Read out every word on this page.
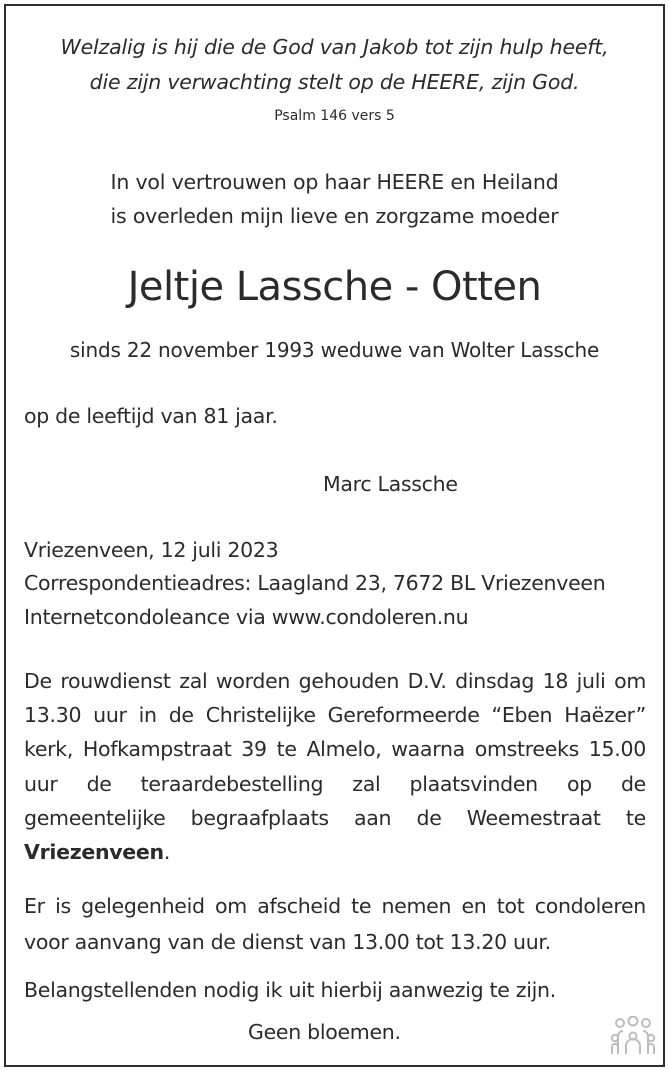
Welzalig is hij die de God van Jakob tot zijn hulp heeft,
die zijn verwachting stelt op de HEERE, zijn God.
Psalm 146 vers 5
In vol vertrouwen op haar HEERE en Heiland
is overleden mijn lieve en zorgzame moeder
Jeltje Lassche - Otten
sinds 22 november 1993 weduwe van Wolter Lassche
op de leeftijd van 81 jaar.
Marc Lassche
Vriezenveen, 12 juli 2023
Correspondentieadres: Laagland 23, 7672 BL Vriezenveen
Internetcondoleance via www.condoleren.nu
De rouwdienst zal worden gehouden D.V. dinsdag 18 juli om 13.30 uur in de Christelijke Gereformeerde “Eben Haëzer” kerk, Hofkampstraat 39 te Almelo, waarna omstreeks 15.00 uur de teraardebestelling zal plaatsvinden op de gemeentelijke begraafplaats aan de Weemestraat te Vriezenveen.
Er is gelegenheid om afscheid te nemen en tot condoleren voor aanvang van de dienst van 13.00 tot 13.20 uur.
Belangstellenden nodig ik uit hierbij aanwezig te zijn.
Geen bloemen.
